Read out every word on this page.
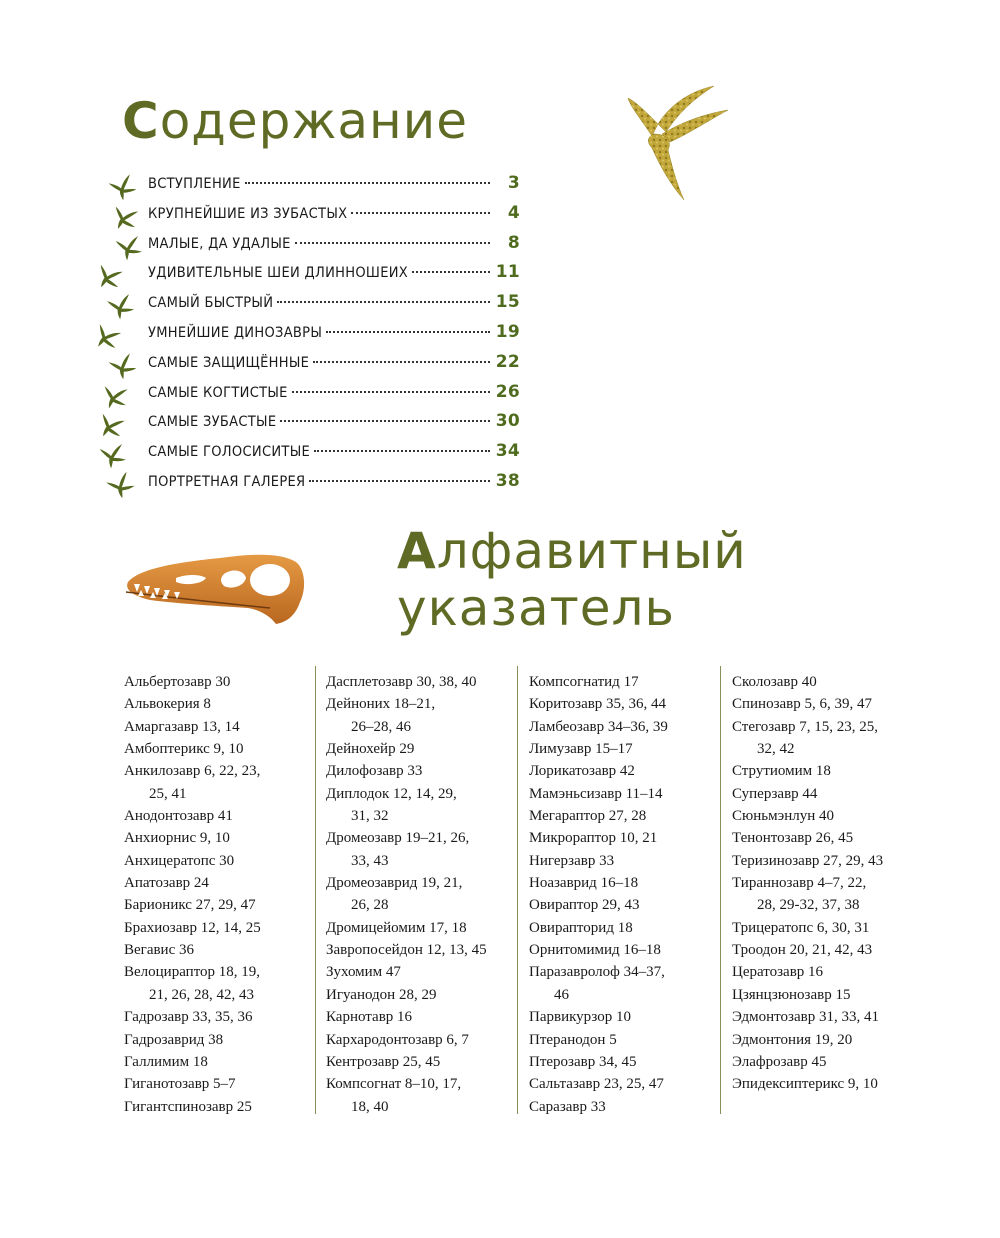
Содержание
ВСТУПЛЕНИЕ	3
КРУПНЕЙШИЕ ИЗ ЗУБАСТЫХ	4
МАЛЫЕ, ДА УДАЛЫЕ	8
УДИВИТЕЛЬНЫЕ ШЕИ ДЛИННОШЕИХ	11
САМЫЙ БЫСТРЫЙ	15
УМНЕЙШИЕ ДИНОЗАВРЫ	19
САМЫЕ ЗАЩИЩЁННЫЕ	22
САМЫЕ КОГТИСТЫЕ	26
САМЫЕ ЗУБАСТЫЕ	30
САМЫЕ ГОЛОСИСИТЫЕ	34
ПОРТРЕТНАЯ ГАЛЕРЕЯ	38
Алфавитный
указатель

Альбертозавр 30

Альвокерия 8

Амаргазавр 13, 14

Амбоптерикс 9, 10

Анкилозавр 6, 22, 23,
25, 41

Анодонтозавр 41

Анхиорнис 9, 10

Анхицератопс 30

Апатозавр 24

Барионикс 27, 29, 47

Брахиозавр 12, 14, 25

Вегавис 36

Велоцираптор 18, 19,
21, 26, 28, 42, 43

Гадрозавр 33, 35, 36

Гадрозаврид 38

Галлимим 18

Гиганотозавр 5–7

Гигантспинозавр 25

Дасплетозавр 30, 38, 40

Дейноних 18–21,
26–28, 46

Дейнохейр 29

Дилофозавр 33

Диплодок 12, 14, 29,
31, 32

Дромеозавр 19–21, 26,
33, 43

Дромеозаврид 19, 21,
26, 28

Дромицейомим 17, 18

Завропосейдон 12, 13, 45

Зухомим 47

Игуанодон 28, 29

Карнотавр 16

Кархародонтозавр 6, 7

Кентрозавр 25, 45

Компсогнат 8–10, 17,
18, 40

Компсогнатид 17

Коритозавр 35, 36, 44

Ламбеозавр 34–36, 39

Лимузавр 15–17

Лорикатозавр 42

Мамэньсизавр 11–14

Мегараптор 27, 28

Микрораптор 10, 21

Нигерзавр 33

Ноазаврид 16–18

Овираптор 29, 43

Овирапторид 18

Орнитомимид 16–18

Паразавролоф 34–37,
46

Парвикурзор 10

Птеранодон 5

Птерозавр 34, 45

Сальтазавр 23, 25, 47

Саразавр 33

Сколозавр 40

Спинозавр 5, 6, 39, 47

Стегозавр 7, 15, 23, 25,
32, 42

Струтиомим 18

Суперзавр 44

Сюньмэнлун 40

Тенонтозавр 26, 45

Теризинозавр 27, 29, 43

Тираннозавр 4–7, 22,
28, 29-32, 37, 38

Трицератопс 6, 30, 31

Троодон 20, 21, 42, 43

Цератозавр 16

Цзянцзюнозавр 15

Эдмонтозавр 31, 33, 41

Эдмонтония 19, 20

Элафрозавр 45

Эпидексиптерикс 9, 10
